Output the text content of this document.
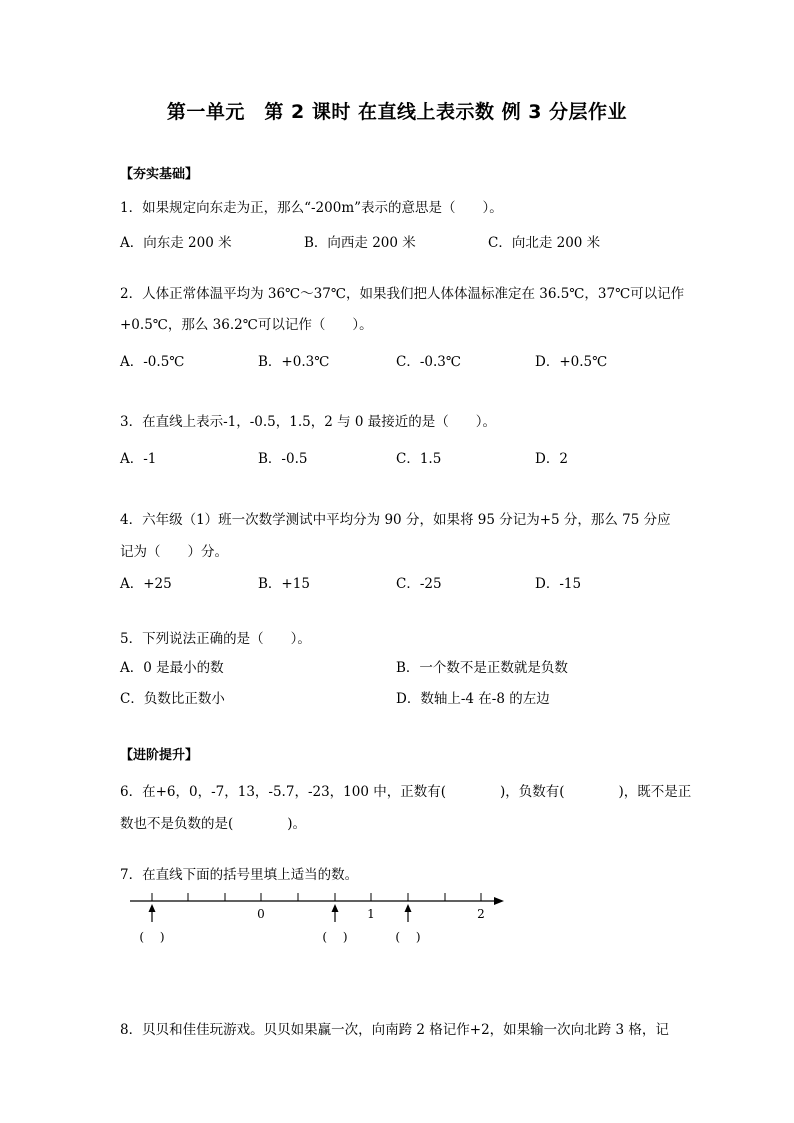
第一单元　第 2 课时 在直线上表示数 例 3 分层作业
【夯实基础】
1．如果规定向东走为正，那么“-200m”表示的意思是（　　）。
A．向东走 200 米	B．向西走 200 米	C．向北走 200 米
2．人体正常体温平均为 36℃～37℃，如果我们把人体体温标准定在 36.5℃，37℃可以记作
+0.5℃，那么 36.2℃可以记作（　　）。
A．-0.5℃	B．+0.3℃	C．-0.3℃	D．+0.5℃
3．在直线上表示-1，-0.5，1.5，2 与 0 最接近的是（　　）。
A．-1	B．-0.5	C．1.5	D．2
4．六年级（1）班一次数学测试中平均分为 90 分，如果将 95 分记为+5 分，那么 75 分应
记为（　　）分。
A．+25	B．+15	C．-25	D．-15
5．下列说法正确的是（　　）。
A．0 是最小的数	B．一个数不是正数就是负数
C．负数比正数小	D．数轴上-4 在-8 的左边
【进阶提升】
6．在+6，0，-7，13，-5.7，-23，100 中，正数有(　　　　)，负数有(　　　　)，既不是正
数也不是负数的是(　　　　)。
7．在直线下面的括号里填上适当的数。
0	1	2
(　 )	(　 )	(　 )
8．贝贝和佳佳玩游戏。贝贝如果赢一次，向南跨 2 格记作+2，如果输一次向北跨 3 格，记
